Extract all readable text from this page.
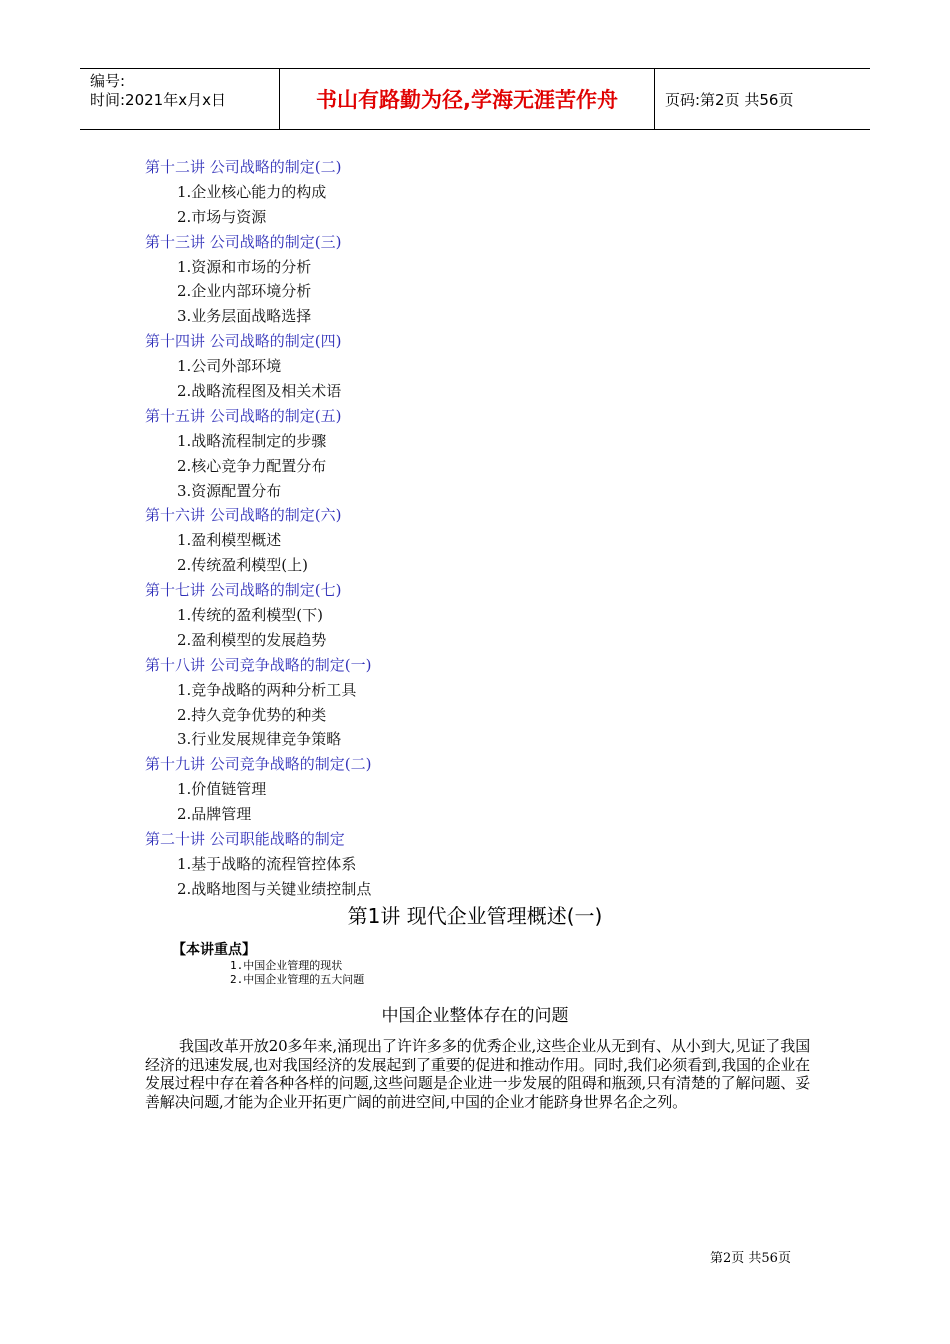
编号:
时间:2021年x月x日	书山有路勤为径,学海无涯苦作舟	页码:第2页 共56页
第十二讲 公司战略的制定(二)
1.企业核心能力的构成
2.市场与资源
第十三讲 公司战略的制定(三)
1.资源和市场的分析
2.企业内部环境分析
3.业务层面战略选择
第十四讲 公司战略的制定(四)
1.公司外部环境
2.战略流程图及相关术语
第十五讲 公司战略的制定(五)
1.战略流程制定的步骤
2.核心竞争力配置分布
3.资源配置分布
第十六讲 公司战略的制定(六)
1.盈利模型概述
2.传统盈利模型(上)
第十七讲 公司战略的制定(七)
1.传统的盈利模型(下)
2.盈利模型的发展趋势
第十八讲 公司竞争战略的制定(一)
1.竞争战略的两种分析工具
2.持久竞争优势的种类
3.行业发展规律竞争策略
第十九讲 公司竞争战略的制定(二)
1.价值链管理
2.品牌管理
第二十讲 公司职能战略的制定
1.基于战略的流程管控体系
2.战略地图与关键业绩控制点
第1讲 现代企业管理概述(一)
【本讲重点】
1.中国企业管理的现状
2.中国企业管理的五大问题
中国企业整体存在的问题
我国改革开放20多年来,涌现出了许许多多的优秀企业,这些企业从无到有、从小到大,见证了我国经济的迅速发展,也对我国经济的发展起到了重要的促进和推动作用。同时,我们必须看到,我国的企业在发展过程中存在着各种各样的问题,这些问题是企业进一步发展的阻碍和瓶颈,只有清楚的了解问题、妥善解决问题,才能为企业开拓更广阔的前进空间,中国的企业才能跻身世界名企之列。
第2页 共56页
